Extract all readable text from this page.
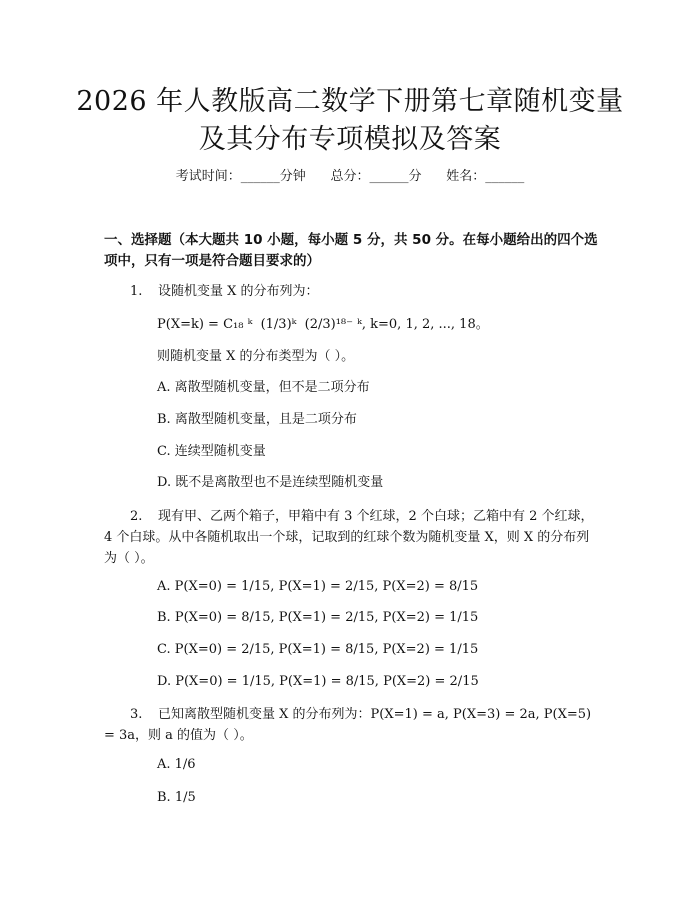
2026 年人教版高二数学下册第七章随机变量
及其分布专项模拟及答案
考试时间：______分钟      总分：______分      姓名：______
一、选择题（本大题共 10 小题，每小题 5 分，共 50 分。在每小题给出的四个选项中，只有一项是符合题目要求的）
1. 设随机变量 X 的分布列为：
P(X=k) = C₁₈ ᵏ  (1/3)ᵏ  (2/3)¹⁸⁻ ᵏ, k=0, 1, 2, ..., 18。
则随机变量 X 的分布类型为（ ）。
A. 离散型随机变量，但不是二项分布
B. 离散型随机变量，且是二项分布
C. 连续型随机变量
D. 既不是离散型也不是连续型随机变量
2. 现有甲、乙两个箱子，甲箱中有 3 个红球，2 个白球；乙箱中有 2 个红球，4 个白球。从中各随机取出一个球，记取到的红球个数为随机变量 X，则 X 的分布列为（ ）。
A. P(X=0) = 1/15, P(X=1) = 2/15, P(X=2) = 8/15
B. P(X=0) = 8/15, P(X=1) = 2/15, P(X=2) = 1/15
C. P(X=0) = 2/15, P(X=1) = 8/15, P(X=2) = 1/15
D. P(X=0) = 1/15, P(X=1) = 8/15, P(X=2) = 2/15
3. 已知离散型随机变量 X 的分布列为：P(X=1) = a, P(X=3) = 2a, P(X=5) = 3a，则 a 的值为（ ）。
A. 1/6
B. 1/5
